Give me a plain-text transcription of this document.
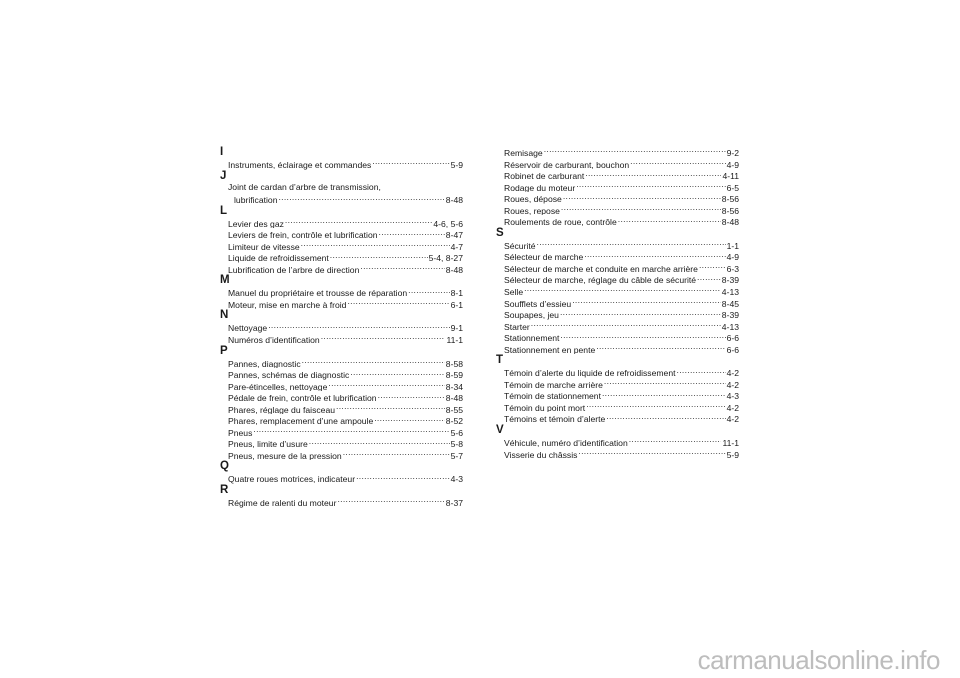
I
Instruments, éclairage et commandes .....	5-9
J
Joint de cardan d’arbre de transmission,
lubrification .....	8-48
L
Levier des gaz .....	4-6, 5-6
Leviers de frein, contrôle et lubrification .....	8-47
Limiteur de vitesse .....	4-7
Liquide de refroidissement .....	5-4, 8-27
Lubrification de l’arbre de direction .....	8-48
M
Manuel du propriétaire et trousse de réparation .....	8-1
Moteur, mise en marche à froid .....	6-1
N
Nettoyage .....	9-1
Numéros d’identification .....	11-1
P
Pannes, diagnostic .....	8-58
Pannes, schémas de diagnostic .....	8-59
Pare-étincelles, nettoyage .....	8-34
Pédale de frein, contrôle et lubrification .....	8-48
Phares, réglage du faisceau .....	8-55
Phares, remplacement d’une ampoule .....	8-52
Pneus .....	5-6
Pneus, limite d’usure .....	5-8
Pneus, mesure de la pression .....	5-7
Q
Quatre roues motrices, indicateur .....	4-3
R
Régime de ralenti du moteur .....	8-37
Remisage .....	9-2
Réservoir de carburant, bouchon .....	4-9
Robinet de carburant .....	4-11
Rodage du moteur .....	6-5
Roues, dépose .....	8-56
Roues, repose .....	8-56
Roulements de roue, contrôle .....	8-48
S
Sécurité .....	1-1
Sélecteur de marche .....	4-9
Sélecteur de marche et conduite en marche arrière .....	6-3
Sélecteur de marche, réglage du câble de sécurité .....	8-39
Selle .....	4-13
Soufflets d’essieu .....	8-45
Soupapes, jeu .....	8-39
Starter .....	4-13
Stationnement .....	6-6
Stationnement en pente .....	6-6
T
Témoin d’alerte du liquide de refroidissement .....	4-2
Témoin de marche arrière .....	4-2
Témoin de stationnement .....	4-3
Témoin du point mort .....	4-2
Témoins et témoin d’alerte .....	4-2
V
Véhicule, numéro d’identification .....	11-1
Visserie du châssis .....	5-9
carmanualsonline.info
